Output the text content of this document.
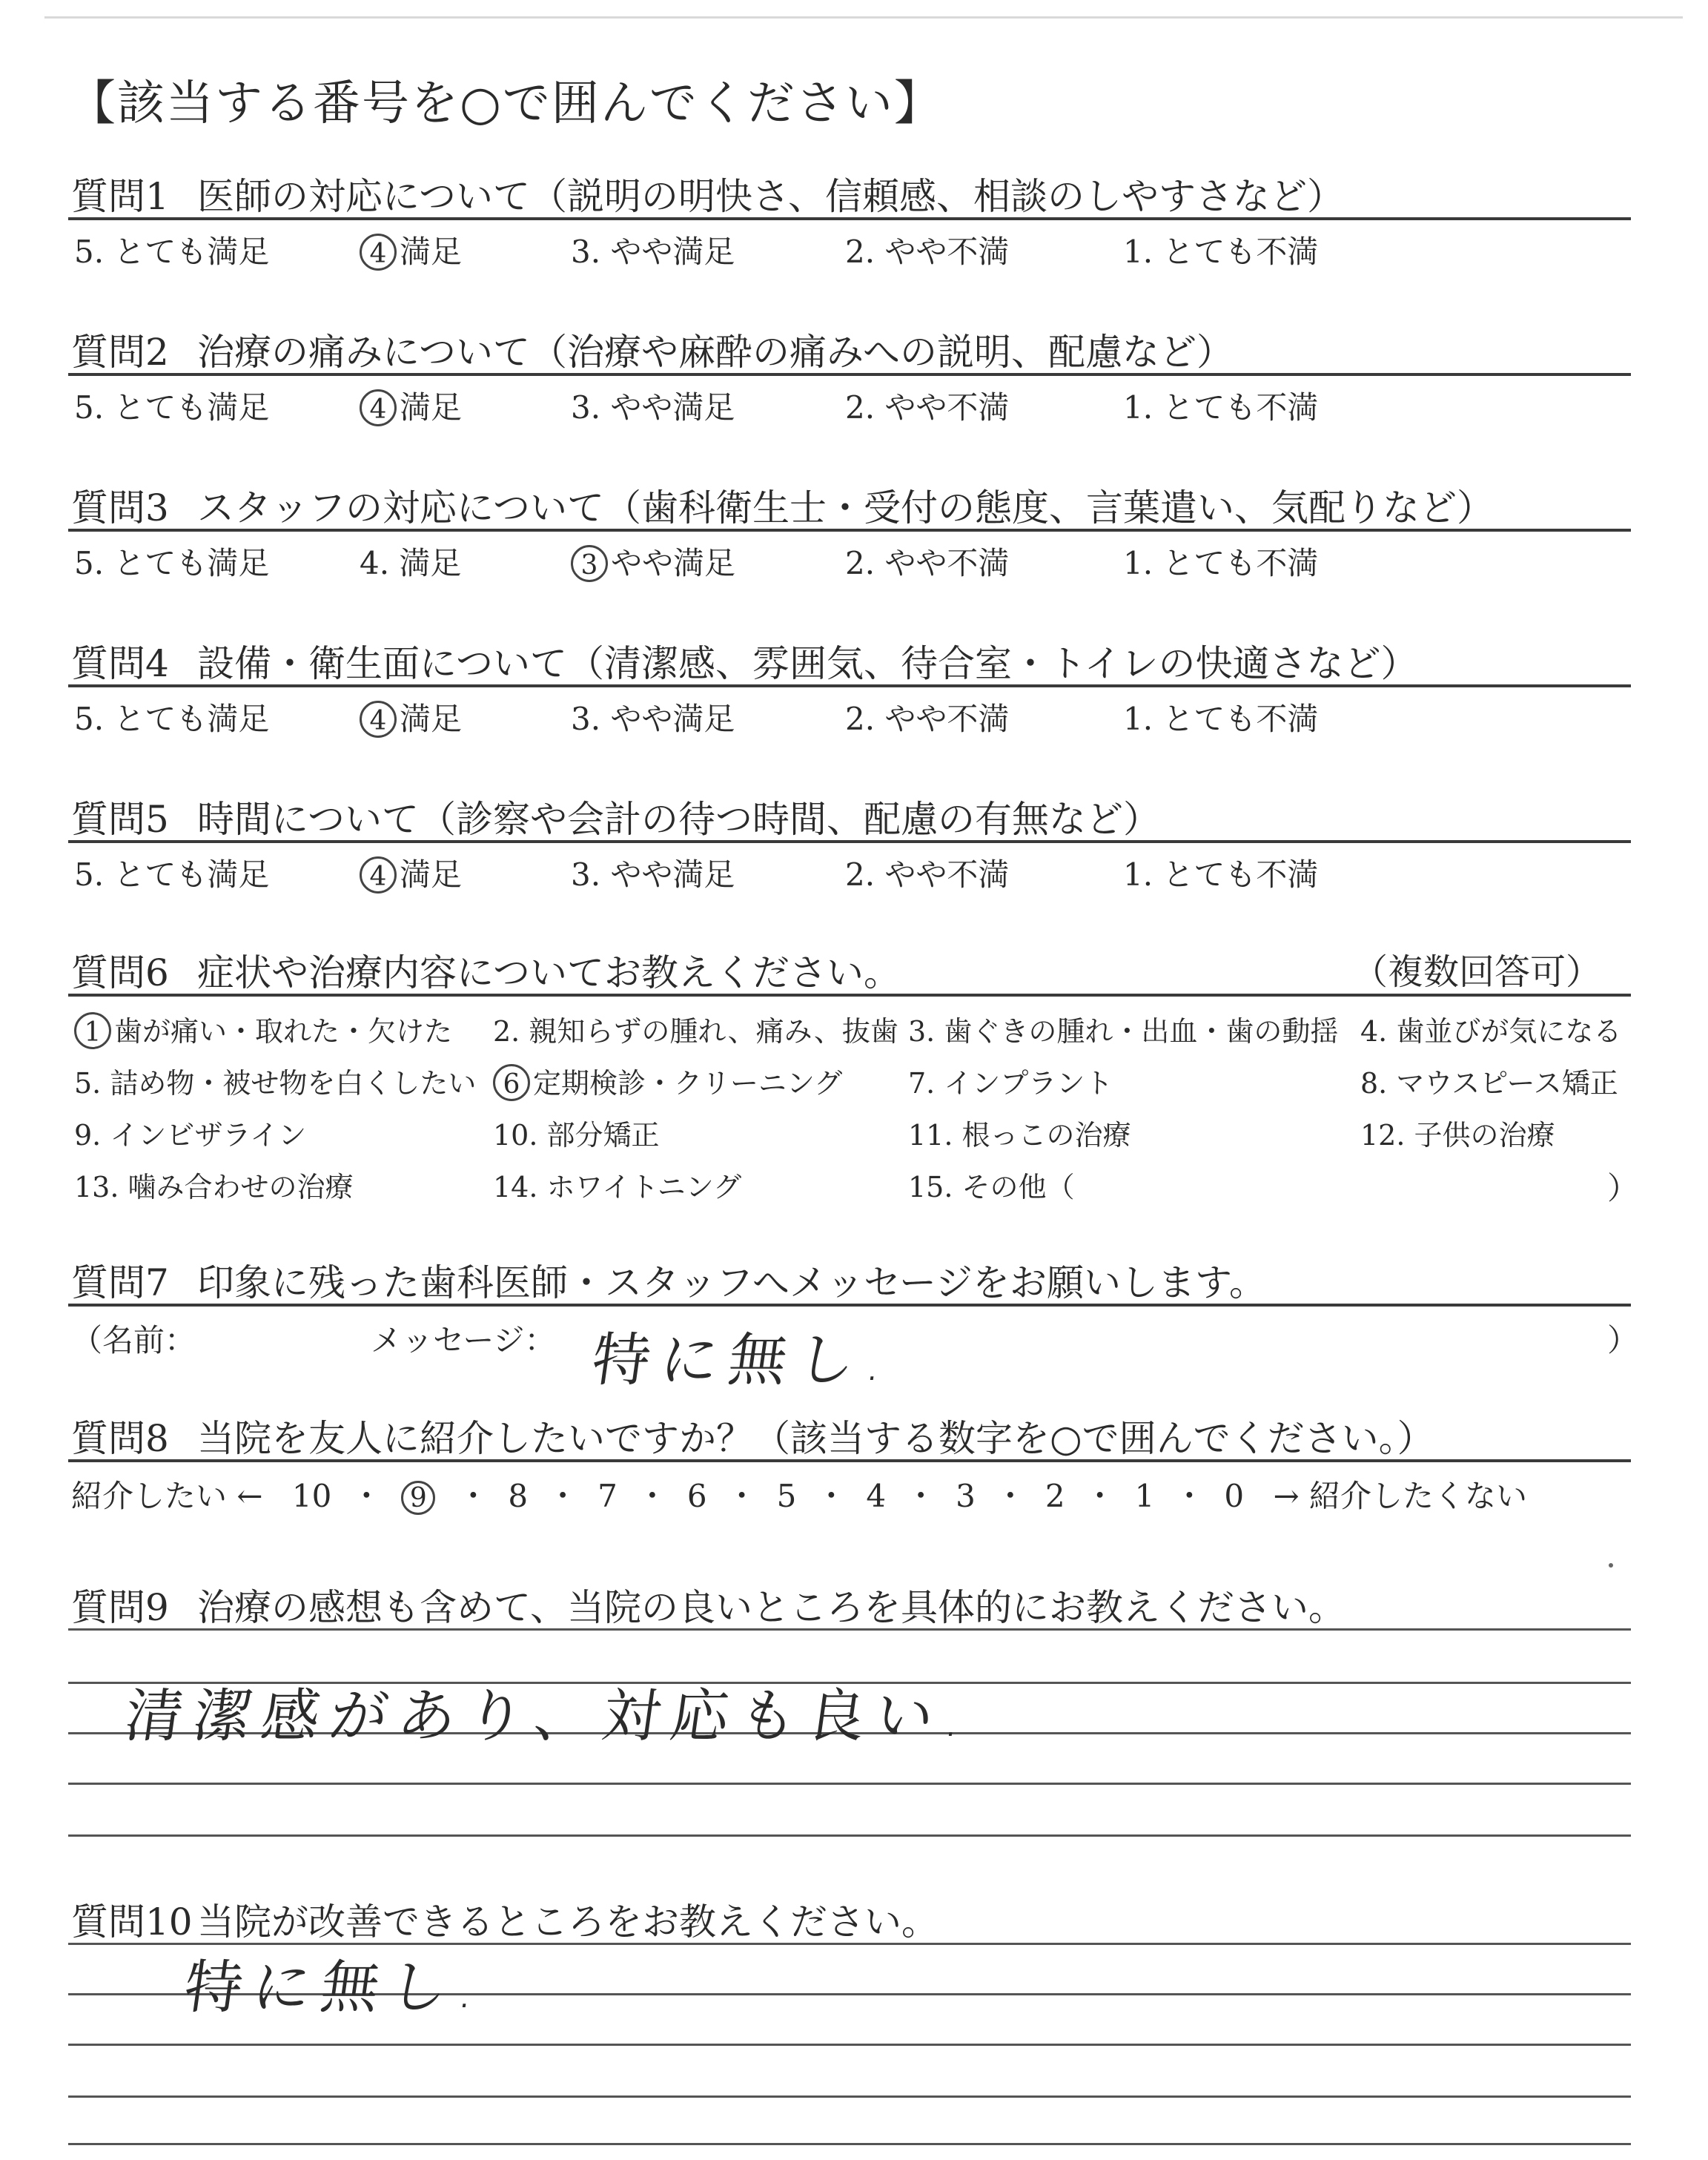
【該当する番号を○で囲んでください】
質問1 医師の対応について（説明の明快さ、信頼感、相談のしやすさなど）
5. とても満足	4 満足	3. やや満足	2. やや不満	1. とても不満
質問2 治療の痛みについて（治療や麻酔の痛みへの説明、配慮など）
5. とても満足	4 満足	3. やや満足	2. やや不満	1. とても不満
質問3 スタッフの対応について（歯科衛生士・受付の態度、言葉遣い、気配りなど）
5. とても満足	4. 満足	3 やや満足	2. やや不満	1. とても不満
質問4 設備・衛生面について（清潔感、雰囲気、待合室・トイレの快適さなど）
5. とても満足	4 満足	3. やや満足	2. やや不満	1. とても不満
質問5 時間について（診察や会計の待つ時間、配慮の有無など）
5. とても満足	4 満足	3. やや満足	2. やや不満	1. とても不満
質問6 症状や治療内容についてお教えください。	（複数回答可）
1 歯が痛い・取れた・欠けた 2. 親知らずの腫れ、痛み、抜歯 3. 歯ぐきの腫れ・出血・歯の動揺 4. 歯並びが気になる
5. 詰め物・被せ物を白くしたい	6 定期検診・クリーニング 7. インプラント	8. マウスピース矯正
9. インビザライン	10. 部分矯正	11. 根っこの治療	12. 子供の治療
13. 噛み合わせの治療	14. ホワイトニング	15. その他（	）
質問7 印象に残った歯科医師・スタッフへメッセージをお願いします。
（名前：	メッセージ： 特に無し.	）
質問8 当院を友人に紹介したいですか？（該当する数字を○で囲んでください。）
紹介したい ← 10 ・ 9 ・ 8 ・ 7 ・ 6 ・ 5 ・ 4 ・ 3 ・ 2 ・ 1 ・ 0 → 紹介したくない
質問9 治療の感想も含めて、当院の良いところを具体的にお教えください。
清潔感があり、対応も良い.
質問10 当院が改善できるところをお教えください。
特に無し.
